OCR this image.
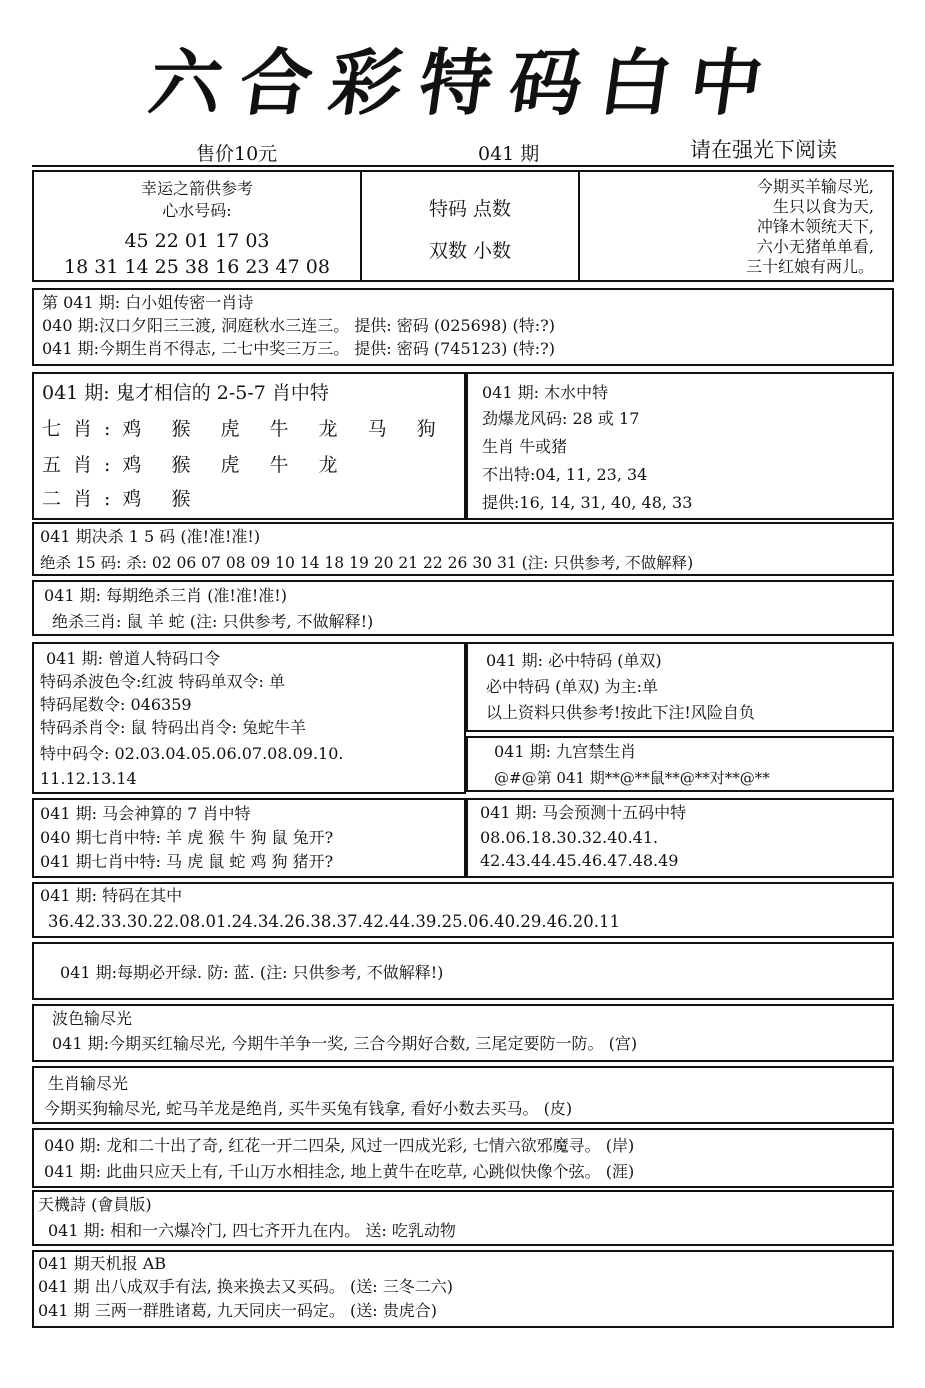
六合彩特码白中
售价10元	041 期	请在强光下阅读
幸运之箭供参考
心水号码:
45 22 01 17 03
18 31 14 25 38 16 23 47 08
特码 点数
双数 小数
今期买羊输尽光,
生只以食为天,
冲锋木领统天下,
六小无猪单单看,
三十红娘有两儿。
第 041 期: 白小姐传密一肖诗
040 期:汉口夕阳三三渡, 洞庭秋水三连三。 提供: 密码 (025698) (特:?)
041 期:今期生肖不得志, 二七中奖三万三。 提供: 密码 (745123) (特:?)
041 期: 鬼才相信的 2-5-7 肖中特
七肖:鸡 猴 虎 牛 龙 马 狗
五肖:鸡 猴 虎 牛 龙
二肖:鸡 猴
041 期: 木水中特
劲爆龙风码: 28 或 17
生肖 牛或猪
不出特:04, 11, 23, 34
提供:16, 14, 31, 40, 48, 33
041 期决杀 1 5 码 (准!准!准!)
绝杀 15 码: 杀: 02 06 07 08 09 10 14 18 19 20 21 22 26 30 31 (注: 只供参考, 不做解释)
041 期: 每期绝杀三肖 (准!准!准!)
绝杀三肖: 鼠 羊 蛇 (注: 只供参考, 不做解释!)
041 期: 曾道人特码口令
特码杀波色令:红波 特码单双令: 单
特码尾数令: 046359
特码杀肖令: 鼠 特码出肖令: 兔蛇牛羊
特中码令: 02.03.04.05.06.07.08.09.10.
11.12.13.14
041 期: 必中特码 (单双)
必中特码 (单双) 为主:单
以上资料只供参考!按此下注!风险自负
041 期: 九宫禁生肖
@#@第 041 期**@**鼠**@**对**@**
041 期: 马会神算的 7 肖中特
040 期七肖中特: 羊 虎 猴 牛 狗 鼠 兔开?
041 期七肖中特: 马 虎 鼠 蛇 鸡 狗 猪开?
041 期: 马会预测十五码中特
08.06.18.30.32.40.41.
42.43.44.45.46.47.48.49
041 期: 特码在其中
36.42.33.30.22.08.01.24.34.26.38.37.42.44.39.25.06.40.29.46.20.11
041 期:每期必开绿. 防: 蓝. (注: 只供参考, 不做解释!)
波色输尽光
041 期:今期买红输尽光, 今期牛羊争一奖, 三合今期好合数, 三尾定要防一防。 (宫)
生肖输尽光
今期买狗输尽光, 蛇马羊龙是绝肖, 买牛买兔有钱拿, 看好小数去买马。 (皮)
040 期: 龙和二十出了奇, 红花一开二四朵, 风过一四成光彩, 七情六欲邪魔寻。 (岸)
041 期: 此曲只应天上有, 千山万水相挂念, 地上黄牛在吃草, 心跳似快像个弦。 (涯)
天機詩 (會員版)
041 期: 相和一六爆冷门, 四七齐开九在内。 送: 吃乳动物
041 期天机报 AB
041 期 出八成双手有法, 换来换去又买码。 (送: 三冬二六)
041 期 三两一群胜诸葛, 九天同庆一码定。 (送: 贵虎合)
